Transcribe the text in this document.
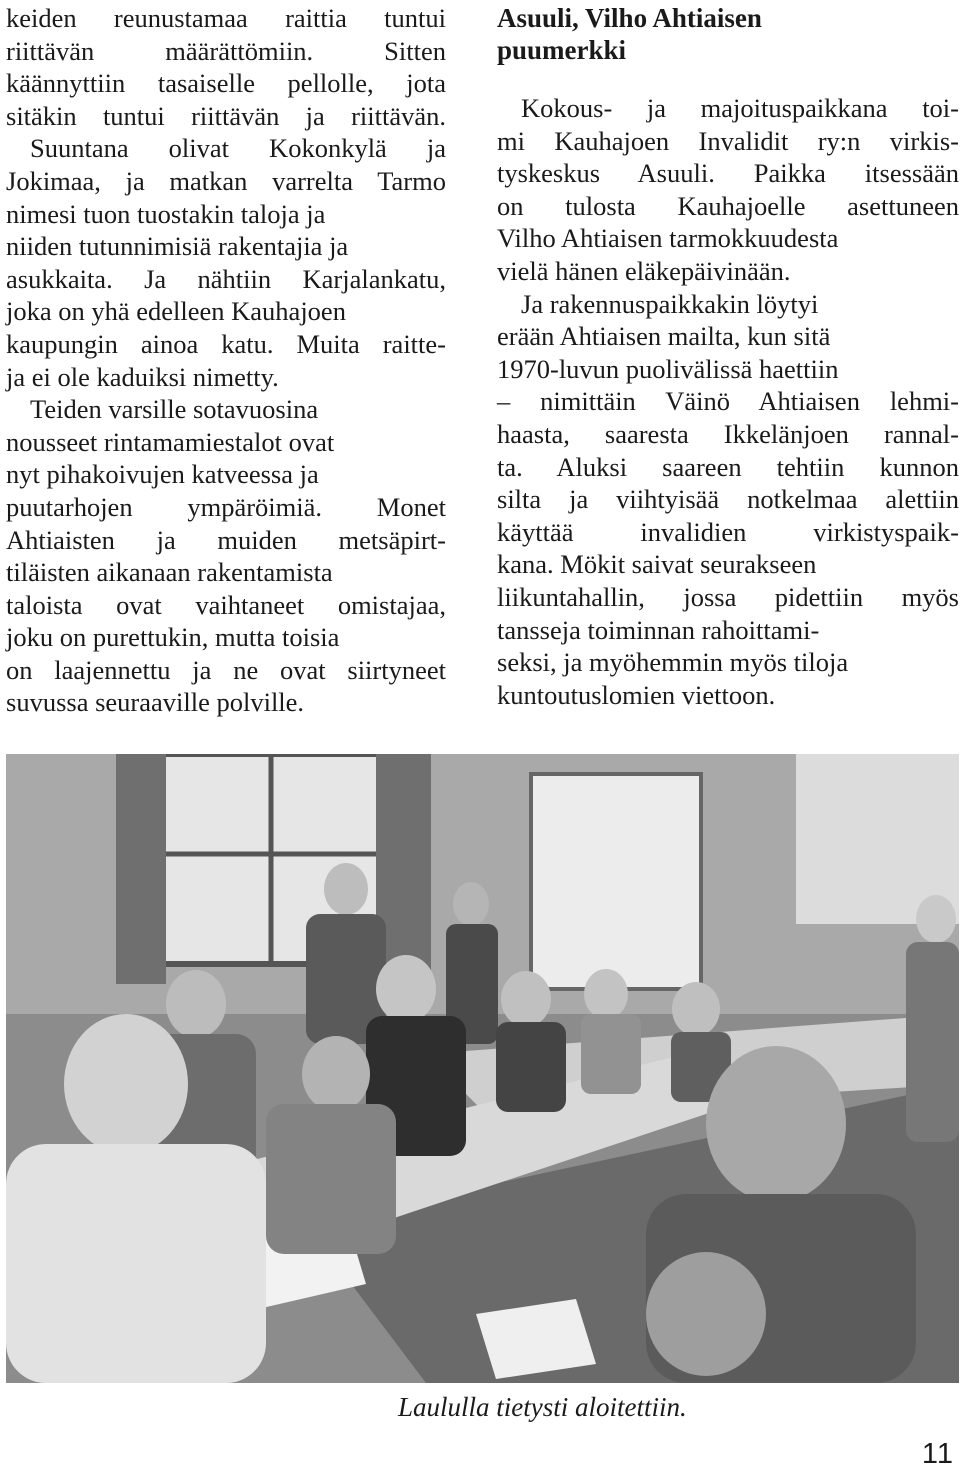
keiden reunustamaa raittia tuntui
riittävän määrättömiin. Sitten
käännyttiin tasaiselle pellolle, jota
sitäkin tuntui riittävän ja riittävän.
Suuntana olivat Kokonkylä ja
Jokimaa, ja matkan varrelta Tarmo
nimesi tuon tuostakin taloja ja
niiden tutunnimisiä rakentajia ja
asukkaita. Ja nähtiin Karjalankatu,
joka on yhä edelleen Kauhajoen
kaupungin ainoa katu. Muita raitte-
ja ei ole kaduiksi nimetty.
Teiden varsille sotavuosina
nousseet rintamamiestalot ovat
nyt pihakoivujen katveessa ja
puutarhojen ympäröimiä. Monet
Ahtiaisten ja muiden metsäpirt-
tiläisten aikanaan rakentamista
taloista ovat vaihtaneet omistajaa,
joku on purettukin, mutta toisia
on laajennettu ja ne ovat siirtyneet
suvussa seuraaville polville.
Asuuli, Vilho Ahtiaisen
puumerkki
Kokous- ja majoituspaikkana toi-
mi Kauhajoen Invalidit ry:n virkis-
tyskeskus Asuuli. Paikka itsessään
on tulosta Kauhajoelle asettuneen
Vilho Ahtiaisen tarmokkuudesta
vielä hänen eläkepäivinään.
Ja rakennuspaikkakin löytyi
erään Ahtiaisen mailta, kun sitä
1970-luvun puolivälissä haettiin
– nimittäin Väinö Ahtiaisen lehmi-
haasta, saaresta Ikkelänjoen rannal-
ta. Aluksi saareen tehtiin kunnon
silta ja viihtyisää notkelmaa alettiin
käyttää invalidien virkistyspaik-
kana. Mökit saivat seurakseen
liikuntahallin, jossa pidettiin myös
tansseja toiminnan rahoittami-
seksi, ja myöhemmin myös tiloja
kuntoutuslomien viettoon.
Laululla tietysti aloitettiin.
11
